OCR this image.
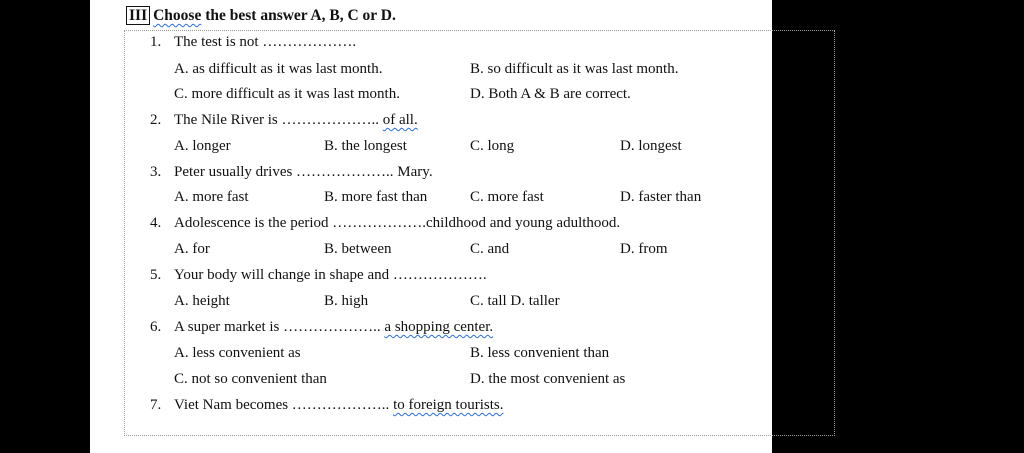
III Choose the best answer A, B, C or D.
1. The test is not ……………….
A. as difficult as it was last month.	B. so difficult as it was last month.
C. more difficult as it was last month.	D. Both A & B are correct.
2. The Nile River is ……………….. of all.
A. longer	B. the longest	C. long	D. longest
3. Peter usually drives ……………….. Mary.
A. more fast	B. more fast than	C. more fast	D. faster than
4. Adolescence is the period ……………….childhood and young adulthood.
A. for	B. between	C. and	D. from
5. Your body will change in shape and ……………….
A. height	B. high	C. tall D. taller
6. A super market is ……………….. a shopping center.
A. less convenient as	B. less convenient than
C. not so convenient than	D. the most convenient as
7. Viet Nam becomes ……………….. to foreign tourists.
